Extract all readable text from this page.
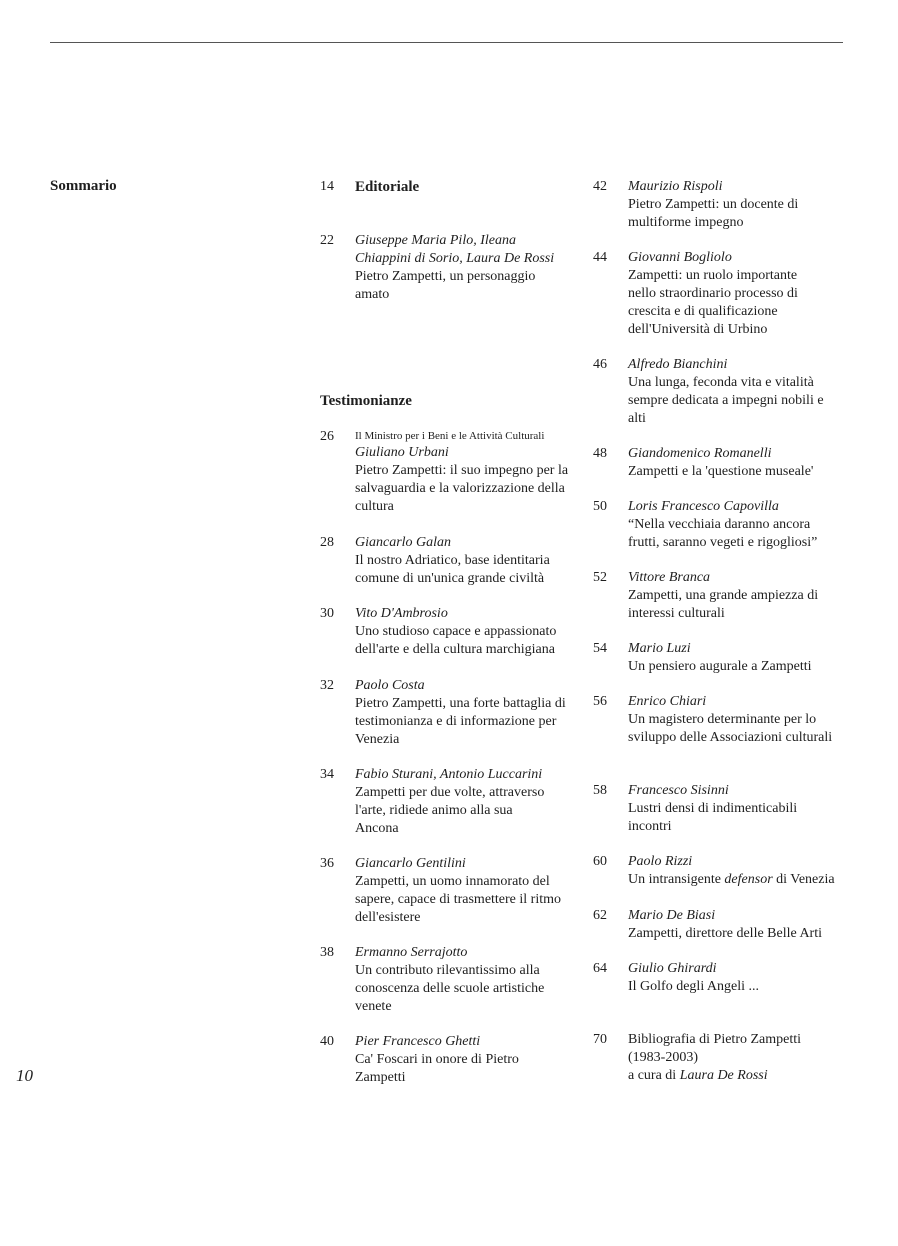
Sommario
10
14	Editoriale
22	Giuseppe Maria Pilo, Ileana Chiappini di Sorio, Laura De Rossi
Pietro Zampetti, un personaggio amato
Testimonianze
26	Il Ministro per i Beni e le Attività Culturali
Giuliano Urbani
Pietro Zampetti: il suo impegno per la salvaguardia e la valorizzazione della cultura
28	Giancarlo Galan
Il nostro Adriatico, base identitaria comune di un'unica grande civiltà
30	Vito D'Ambrosio
Uno studioso capace e appassionato dell'arte e della cultura marchigiana
32	Paolo Costa
Pietro Zampetti, una forte battaglia di testimonianza e di informazione per Venezia
34	Fabio Sturani, Antonio Luccarini
Zampetti per due volte, attraverso l'arte, ridiede animo alla sua Ancona
36	Giancarlo Gentilini
Zampetti, un uomo innamorato del sapere, capace di trasmettere il ritmo dell'esistere
38	Ermanno Serrajotto
Un contributo rilevantissimo alla conoscenza delle scuole artistiche venete
40	Pier Francesco Ghetti
Ca' Foscari in onore di Pietro Zampetti
42	Maurizio Rispoli
Pietro Zampetti: un docente di multiforme impegno
44	Giovanni Bogliolo
Zampetti: un ruolo importante nello straordinario processo di crescita e di qualificazione dell'Università di Urbino
46	Alfredo Bianchini
Una lunga, feconda vita e vitalità sempre dedicata a impegni nobili e alti
48	Giandomenico Romanelli
Zampetti e la 'questione museale'
50	Loris Francesco Capovilla
“Nella vecchiaia daranno ancora frutti, saranno vegeti e rigogliosi”
52	Vittore Branca
Zampetti, una grande ampiezza di interessi culturali
54	Mario Luzi
Un pensiero augurale a Zampetti
56	Enrico Chiari
Un magistero determinante per lo sviluppo delle Associazioni culturali
58	Francesco Sisinni
Lustri densi di indimenticabili incontri
60	Paolo Rizzi
Un intransigente defensor di Venezia
62	Mario De Biasi
Zampetti, direttore delle Belle Arti
64	Giulio Ghirardi
Il Golfo degli Angeli ...
70	Bibliografia di Pietro Zampetti (1983-2003)
a cura di Laura De Rossi
